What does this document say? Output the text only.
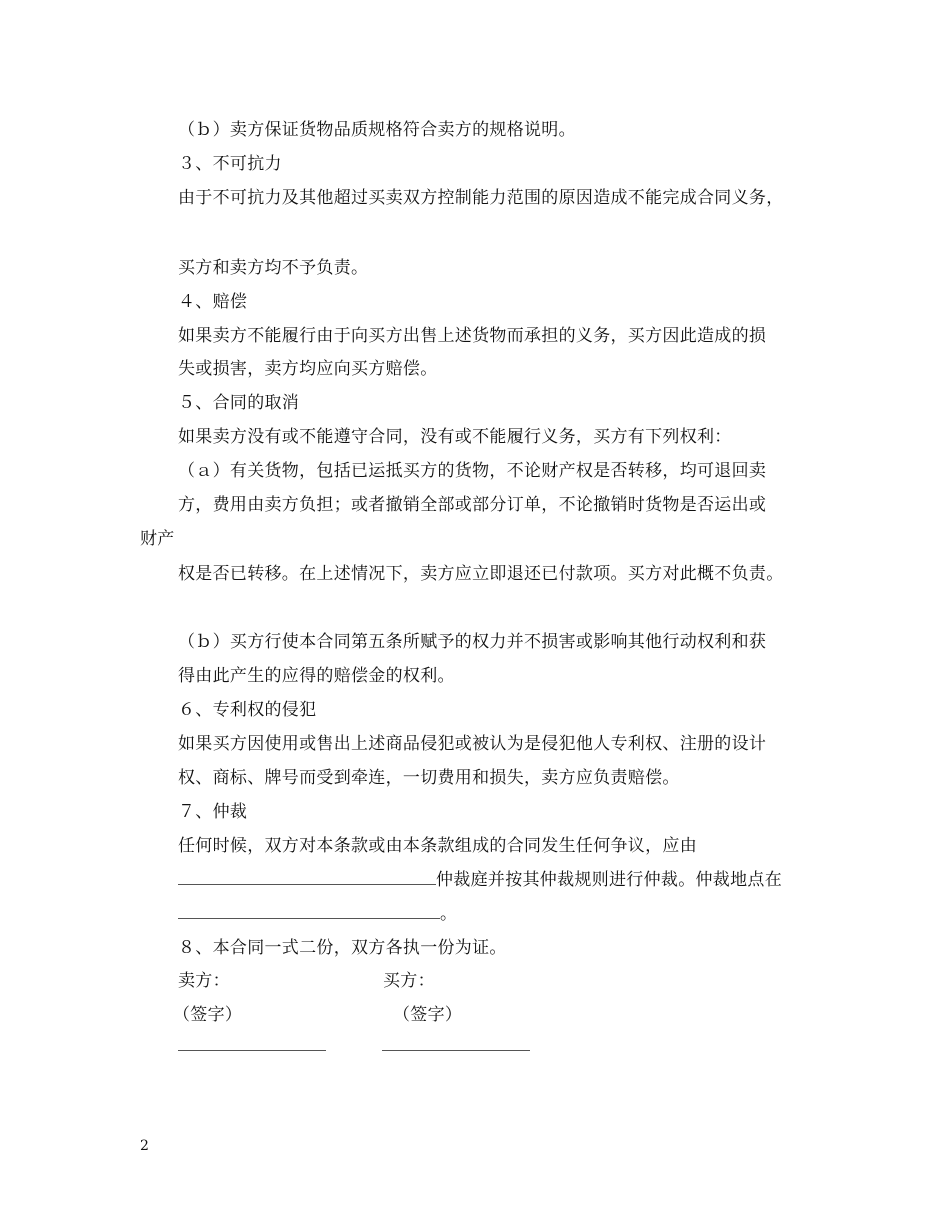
（ｂ）卖方保证货物品质规格符合卖方的规格说明。
３、不可抗力
由于不可抗力及其他超过买卖双方控制能力范围的原因造成不能完成合同义务，
买方和卖方均不予负责。
４、赔偿
如果卖方不能履行由于向买方出售上述货物而承担的义务，买方因此造成的损
失或损害，卖方均应向买方赔偿。
５、合同的取消
如果卖方没有或不能遵守合同，没有或不能履行义务，买方有下列权利：
（ａ）有关货物，包括已运抵买方的货物，不论财产权是否转移，均可退回卖
方，费用由卖方负担；或者撤销全部或部分订单，不论撤销时货物是否运出或
财产
权是否已转移。在上述情况下，卖方应立即退还已付款项。买方对此概不负责。
（ｂ）买方行使本合同第五条所赋予的权力并不损害或影响其他行动权利和获
得由此产生的应得的赔偿金的权利。
６、专利权的侵犯
如果买方因使用或售出上述商品侵犯或被认为是侵犯他人专利权、注册的设计
权、商标、牌号而受到牵连，一切费用和损失，卖方应负责赔偿。
７、仲裁
任何时候，双方对本条款或由本条款组成的合同发生任何争议，应由
仲裁庭并按其仲裁规则进行仲裁。仲裁地点在
。
８、本合同一式二份，双方各执一份为证。
卖方：	买方：
（签字）	（签字）
2
